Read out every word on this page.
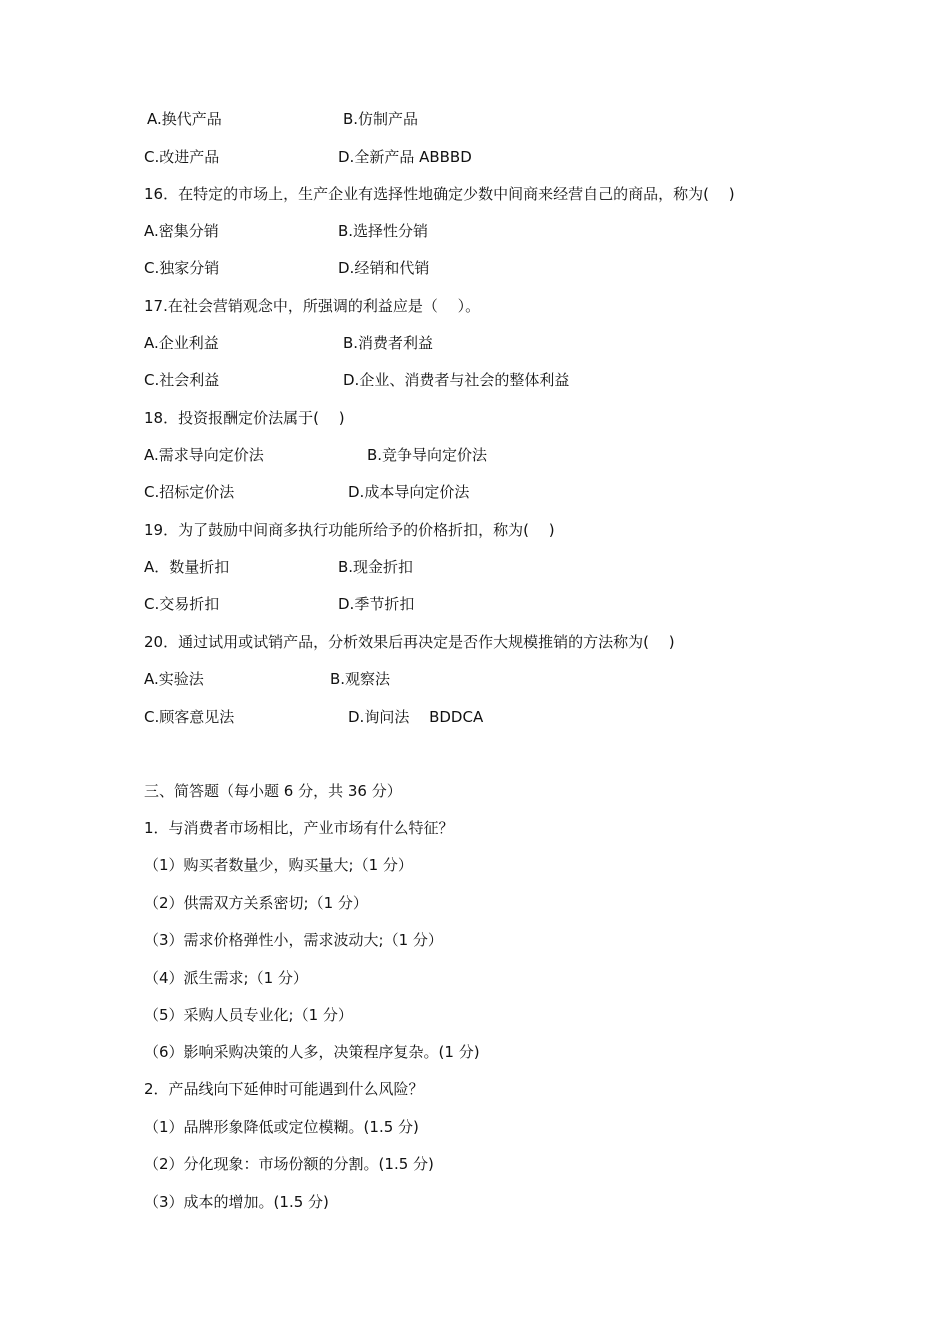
A.换代产品	B.仿制产品
C.改进产品	D.全新产品 ABBBD
16．在特定的市场上，生产企业有选择性地确定少数中间商来经营自己的商品，称为(　 )
A.密集分销	B.选择性分销
C.独家分销	D.经销和代销
17.在社会营销观念中，所强调的利益应是（　 ）。
A.企业利益	B.消费者利益
C.社会利益	D.企业、消费者与社会的整体利益
18．投资报酬定价法属于(　 )
A.需求导向定价法	B.竞争导向定价法
C.招标定价法	D.成本导向定价法
19．为了鼓励中间商多执行功能所给予的价格折扣，称为(　 )
A．数量折扣	B.现金折扣
C.交易折扣	D.季节折扣
20．通过试用或试销产品，分析效果后再决定是否作大规模推销的方法称为(　 )
A.实验法	B.观察法
C.顾客意见法	D.询问法 　BDDCA
三、简答题（每小题 6 分，共 36 分）
1．与消费者市场相比，产业市场有什么特征？
（1）购买者数量少，购买量大;（1 分）
（2）供需双方关系密切;（1 分）
（3）需求价格弹性小，需求波动大;（1 分）
（4）派生需求;（1 分）
（5）采购人员专业化;（1 分）
（6）影响采购决策的人多，决策程序复杂。(1 分)
2．产品线向下延伸时可能遇到什么风险？
（1）品牌形象降低或定位模糊。(1.5 分)
（2）分化现象：市场份额的分割。(1.5 分)
（3）成本的增加。(1.5 分)
